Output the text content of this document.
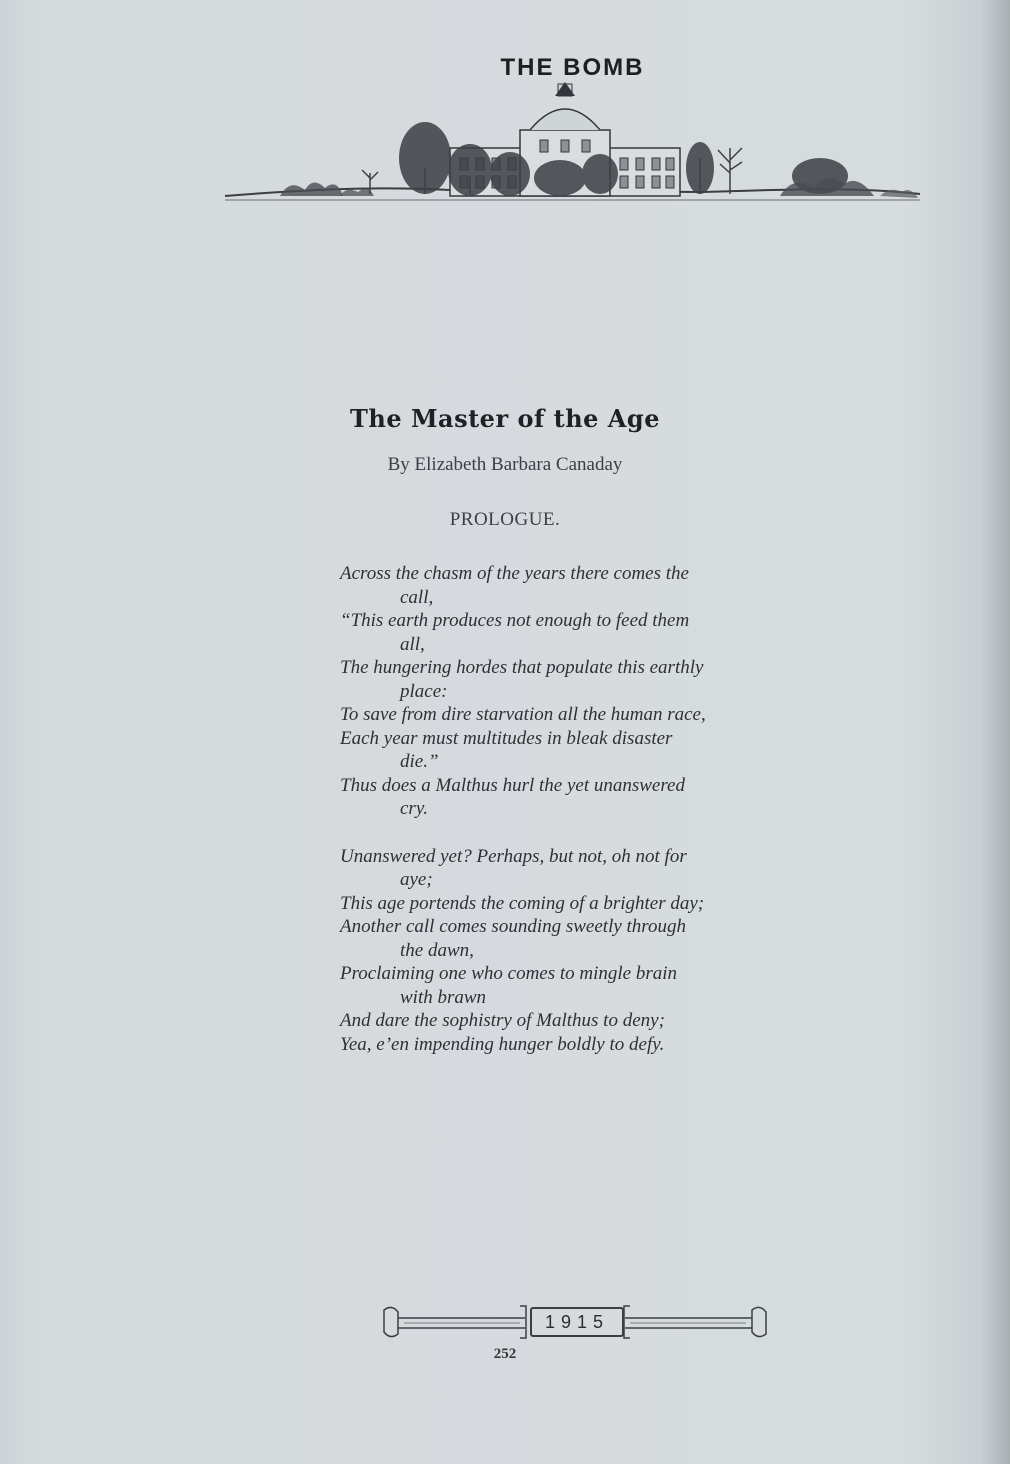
THE BOMB
The Master of the Age
By Elizabeth Barbara Canaday
PROLOGUE.
Across the chasm of the years there comes the
call,
“This earth produces not enough to feed them
all,
The hungering hordes that populate this earthly
place:
To save from dire starvation all the human race,
Each year must multitudes in bleak disaster
die.”
Thus does a Malthus hurl the yet unanswered
cry.
Unanswered yet? Perhaps, but not, oh not for
aye;
This age portends the coming of a brighter day;
Another call comes sounding sweetly through
the dawn,
Proclaiming one who comes to mingle brain
with brawn
And dare the sophistry of Malthus to deny;
Yea, e’en impending hunger boldly to defy.
1915
252
